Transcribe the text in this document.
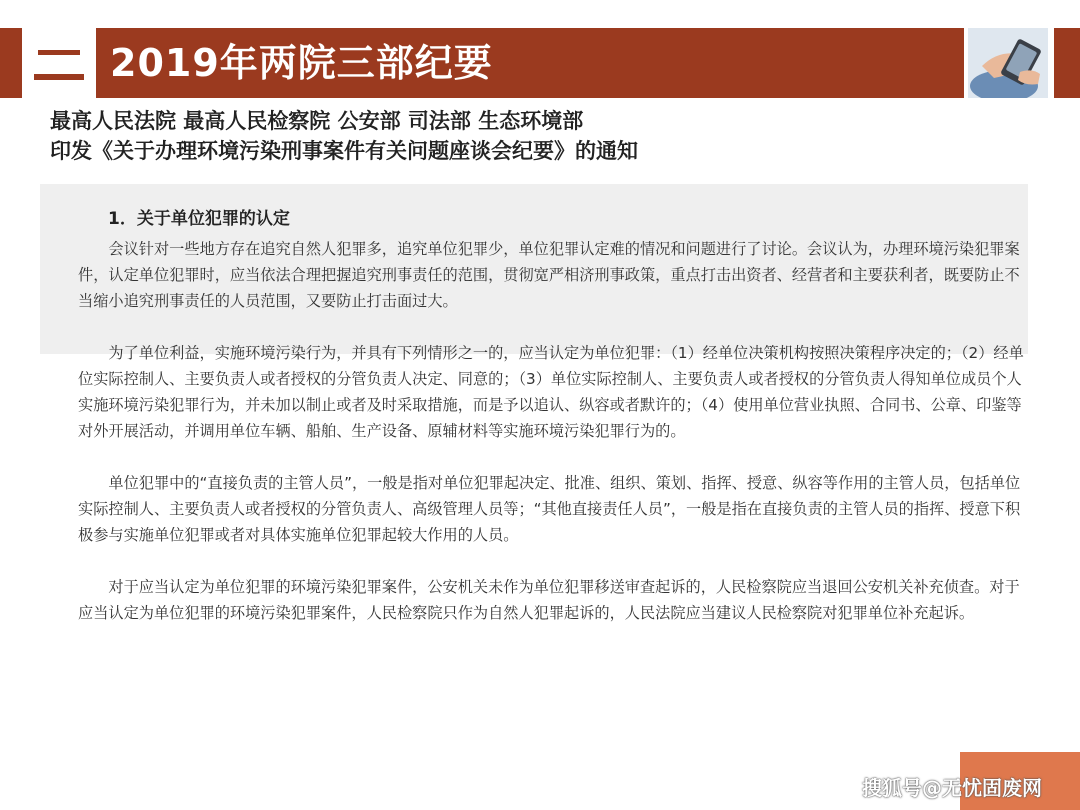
2019年两院三部纪要
最高人民法院 最高人民检察院 公安部 司法部 生态环境部
印发《关于办理环境污染刑事案件有关问题座谈会纪要》的通知

1．关于单位犯罪的认定

会议针对一些地方存在追究自然人犯罪多，追究单位犯罪少，单位犯罪认定难的情况和问题进行了讨论。会议认为，办理环境污染犯罪案件，认定单位犯罪时，应当依法合理把握追究刑事责任的范围，贯彻宽严相济刑事政策，重点打击出资者、经营者和主要获利者，既要防止不当缩小追究刑事责任的人员范围，又要防止打击面过大。

为了单位利益，实施环境污染行为，并具有下列情形之一的，应当认定为单位犯罪：（1）经单位决策机构按照决策程序决定的；（2）经单位实际控制人、主要负责人或者授权的分管负责人决定、同意的；（3）单位实际控制人、主要负责人或者授权的分管负责人得知单位成员个人实施环境污染犯罪行为，并未加以制止或者及时采取措施，而是予以追认、纵容或者默许的；（4）使用单位营业执照、合同书、公章、印鉴等对外开展活动，并调用单位车辆、船舶、生产设备、原辅材料等实施环境污染犯罪行为的。

单位犯罪中的“直接负责的主管人员”，一般是指对单位犯罪起决定、批准、组织、策划、指挥、授意、纵容等作用的主管人员，包括单位实际控制人、主要负责人或者授权的分管负责人、高级管理人员等；“其他直接责任人员”，一般是指在直接负责的主管人员的指挥、授意下积极参与实施单位犯罪或者对具体实施单位犯罪起较大作用的人员。

对于应当认定为单位犯罪的环境污染犯罪案件，公安机关未作为单位犯罪移送审查起诉的，人民检察院应当退回公安机关补充侦查。对于应当认定为单位犯罪的环境污染犯罪案件，人民检察院只作为自然人犯罪起诉的，人民法院应当建议人民检察院对犯罪单位补充起诉。

搜狐号@无忧固废网
